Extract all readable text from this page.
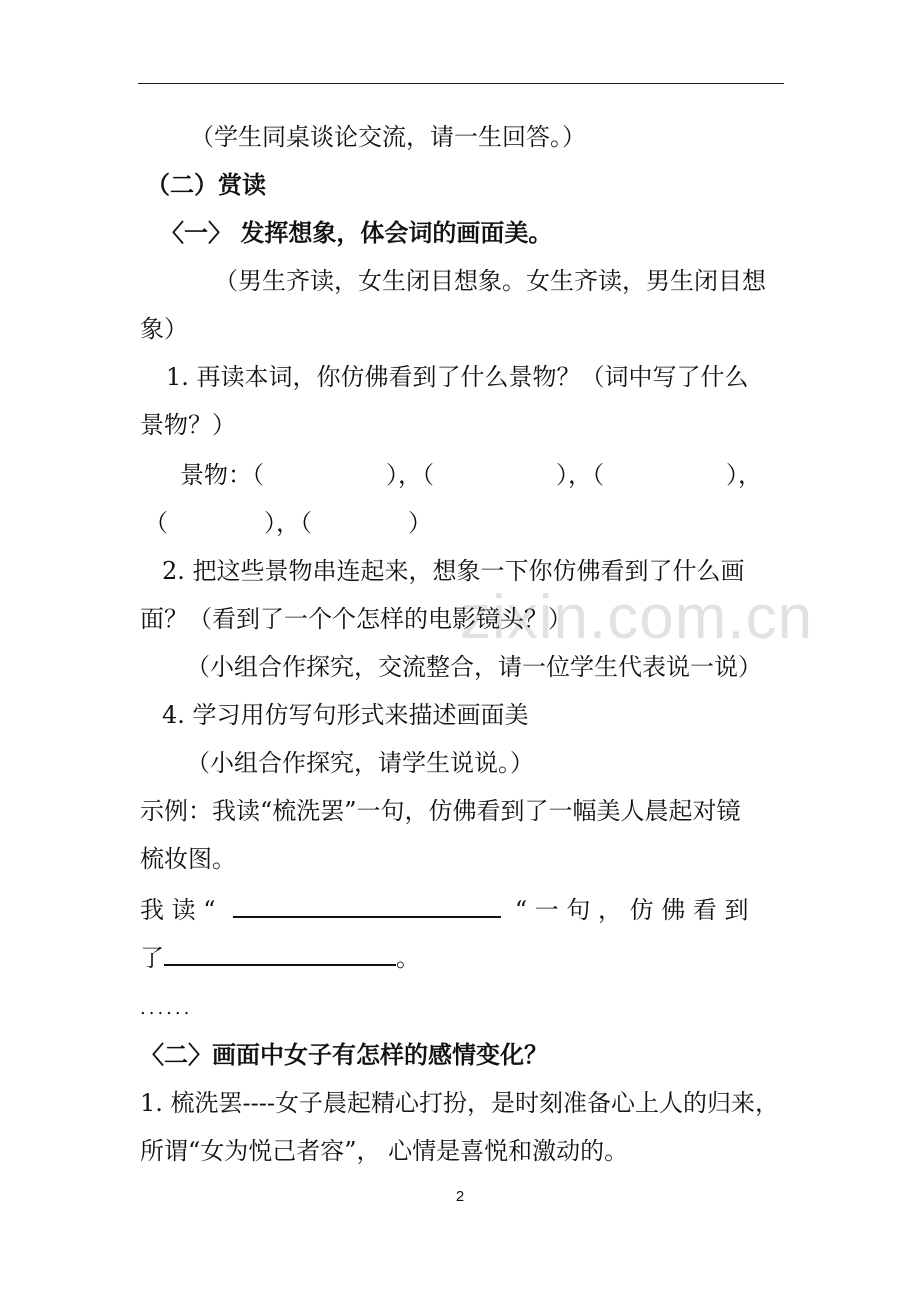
zixin.com.cn
（学生同桌谈论交流，请一生回答。）
（二）赏读
〈一〉 发挥想象，体会词的画面美。
（男生齐读，女生闭目想象。女生齐读，男生闭目想
象）
1. 再读本词，你仿佛看到了什么景物？（词中写了什么
景物？）
景物：（	），（	），（	），
（	），（	）
2. 把这些景物串连起来，想象一下你仿佛看到了什么画
面？（看到了一个个怎样的电影镜头？）
（小组合作探究，交流整合，请一位学生代表说一说）
4. 学习用仿写句形式来描述画面美
（小组合作探究，请学生说说。）
示例：我读“梳洗罢”一句，仿佛看到了一幅美人晨起对镜
梳妆图。
我 读 “	“ 一 句 ， 仿 佛 看 到
了	。
......
〈二〉画面中女子有怎样的感情变化？
1. 梳洗罢----女子晨起精心打扮，是时刻准备心上人的归来，
所谓“女为悦己者容”， 心情是喜悦和激动的。
2
